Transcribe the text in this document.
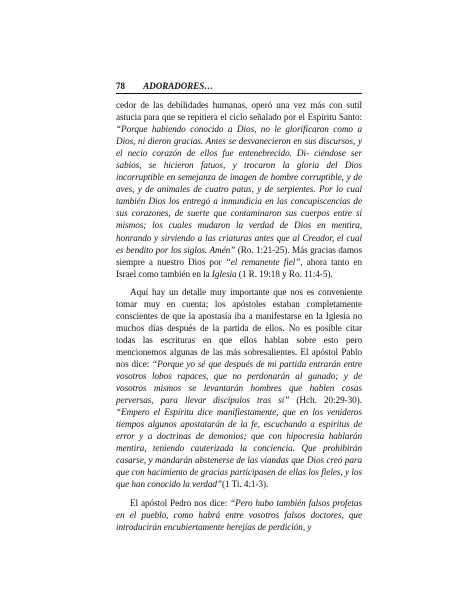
78 ADORADORES…

cedor de las debilidades humanas, operó una vez más con sutil astucia para que se repitiera el ciclo señalado por el Espíritu Santo: “Porque habiendo conocido a Dios, no le glorificaron como a Dios, ni dieron gracias. Antes se desvanecieron en sus discursos, y el necio corazón de ellos fue entenebrecido. Di- ciéndose ser sabios, se hicieron fatuos, y trocaron la gloria del Dios incorruptible en semejanza de imagen de hombre corruptible, y de aves, y de animales de cuatro patas, y de serpientes. Por lo cual también Dios los entregó a inmundicia en las concupiscencias de sus corazones, de suerte que contaminaron sus cuerpos entre sí mismos; los cuales mudaron la verdad de Dios en mentira, honrando y sirviendo a las criaturas antes que al Creador, el cual es bendito por los siglos. Amén” (Ro. 1:21-25). Más gracias damos siempre a nuestro Dios por “el remanente fiel”, ahora tanto en Israel como también en la Iglesia (1 R. 19:18 y Ro. 11:4-5).

Aquí hay un detalle muy importante que nos es conveniente tomar muy en cuenta; los apóstoles estaban completamente conscientes de que la apostasía iba a manifestarse en la Iglesia no muchos días después de la partida de ellos. No es posible citar todas las escrituras en que ellos hablan sobre esto pero mencionemos algunas de las más sobresalientes. El apóstol Pablo nos dice: “Porque yo sé que después de mi partida entrarán entre vosotros lobos rapaces, que no perdonarán al ganado; y de vosotros mismos se levantarán hombres que hablen cosas perversas, para llevar discípulos tras sí” (Hch. 20:29-30). “Empero el Espíritu dice manifiestamente, que en los venideros tiempos algunos apostatarán de la fe, escuchando a espíritus de error y a doctrinas de demonios; que con hipocresía hablarán mentira, teniendo cauterizada la conciencia. Que prohibirán casarse, y mandarán abstenerse de las viandas que Dios creó para que con hacimiento de gracias participasen de ellas los fieles, y los que han conocido la verdad”(1 Ti. 4:1-3).

El apóstol Pedro nos dice: “Pero hubo también falsos profetas en el pueblo, como habrá entre vosotros falsos doctores, que introducirán encubiertamente herejías de perdición, y
